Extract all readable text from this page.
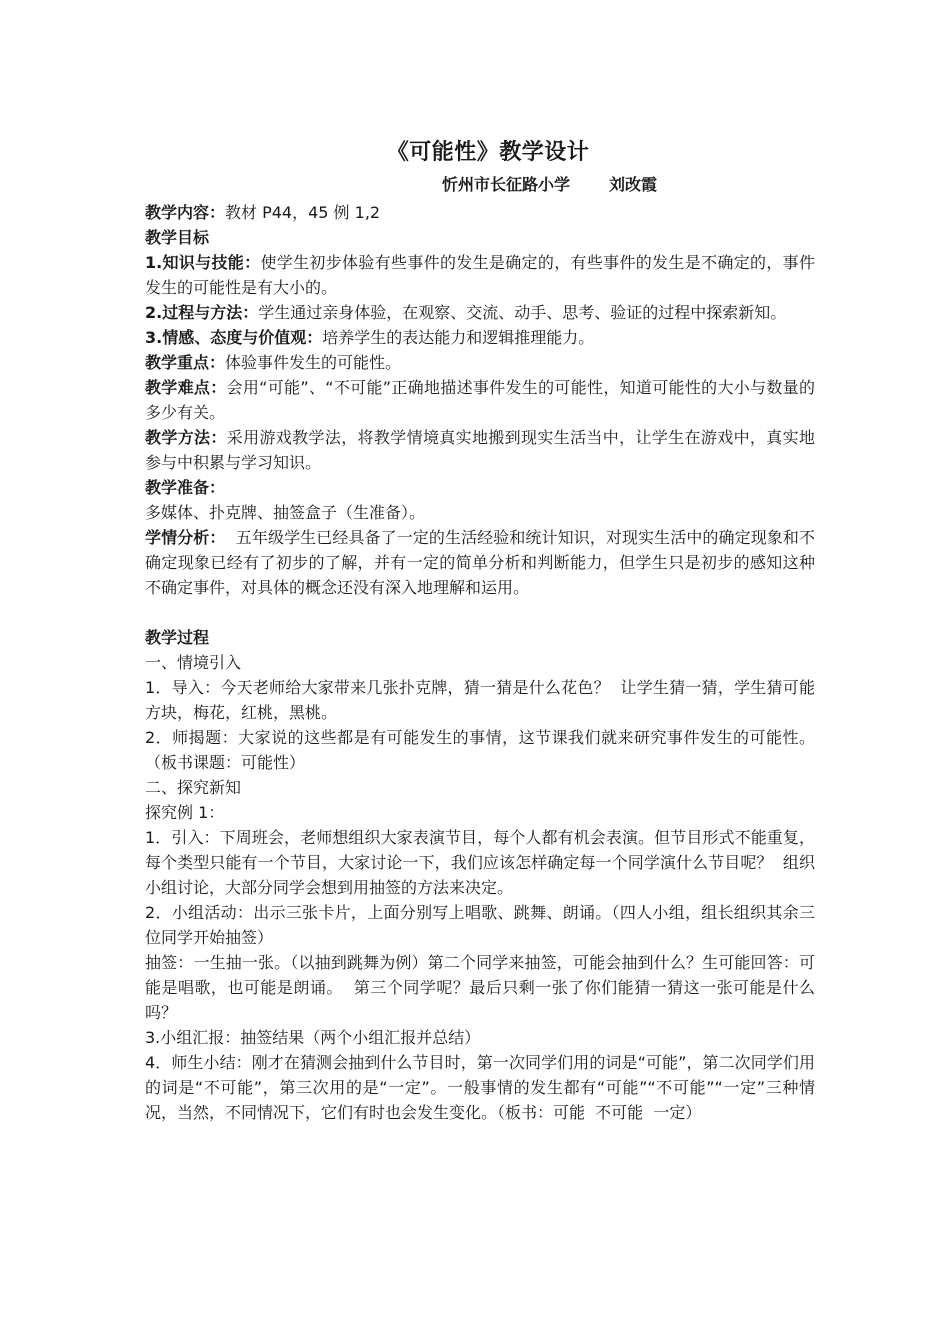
《可能性》教学设计
忻州市长征路小学       刘改霞

教学内容：教材 P44，45 例 1,2

教学目标

1.知识与技能：使学生初步体验有些事件的发生是确定的，有些事件的发生是不确定的，事件发生的可能性是有大小的。

2.过程与方法：学生通过亲身体验，在观察、交流、动手、思考、验证的过程中探索新知。

3.情感、态度与价值观：培养学生的表达能力和逻辑推理能力。

教学重点：体验事件发生的可能性。

教学难点：会用“可能”、“不可能”正确地描述事件发生的可能性，知道可能性的大小与数量的多少有关。

教学方法：采用游戏教学法，将教学情境真实地搬到现实生活当中，让学生在游戏中，真实地参与中积累与学习知识。

教学准备：

多媒体、扑克牌、抽签盒子（生准备）。

学情分析：  五年级学生已经具备了一定的生活经验和统计知识，对现实生活中的确定现象和不确定现象已经有了初步的了解，并有一定的简单分析和判断能力，但学生只是初步的感知这种不确定事件，对具体的概念还没有深入地理解和运用。

教学过程

一、情境引入

1．导入：今天老师给大家带来几张扑克牌，猜一猜是什么花色？  让学生猜一猜，学生猜可能方块，梅花，红桃，黑桃。

2．师揭题：大家说的这些都是有可能发生的事情，这节课我们就来研究事件发生的可能性。（板书课题：可能性）

二、探究新知

探究例 1：

1．引入：下周班会，老师想组织大家表演节目，每个人都有机会表演。但节目形式不能重复，每个类型只能有一个节目，大家讨论一下，我们应该怎样确定每一个同学演什么节目呢？  组织小组讨论，大部分同学会想到用抽签的方法来决定。

2．小组活动：出示三张卡片，上面分别写上唱歌、跳舞、朗诵。（四人小组，组长组织其余三位同学开始抽签）

抽签：一生抽一张。（以抽到跳舞为例）第二个同学来抽签，可能会抽到什么？生可能回答：可能是唱歌，也可能是朗诵。  第三个同学呢？最后只剩一张了你们能猜一猜这一张可能是什么吗？

3.小组汇报：抽签结果（两个小组汇报并总结）

4．师生小结：刚才在猜测会抽到什么节目时，第一次同学们用的词是“可能”，第二次同学们用的词是“不可能”，第三次用的是“一定”。一般事情的发生都有“可能”“不可能”“一定”三种情况，当然，不同情况下，它们有时也会发生变化。（板书：可能  不可能  一定）
